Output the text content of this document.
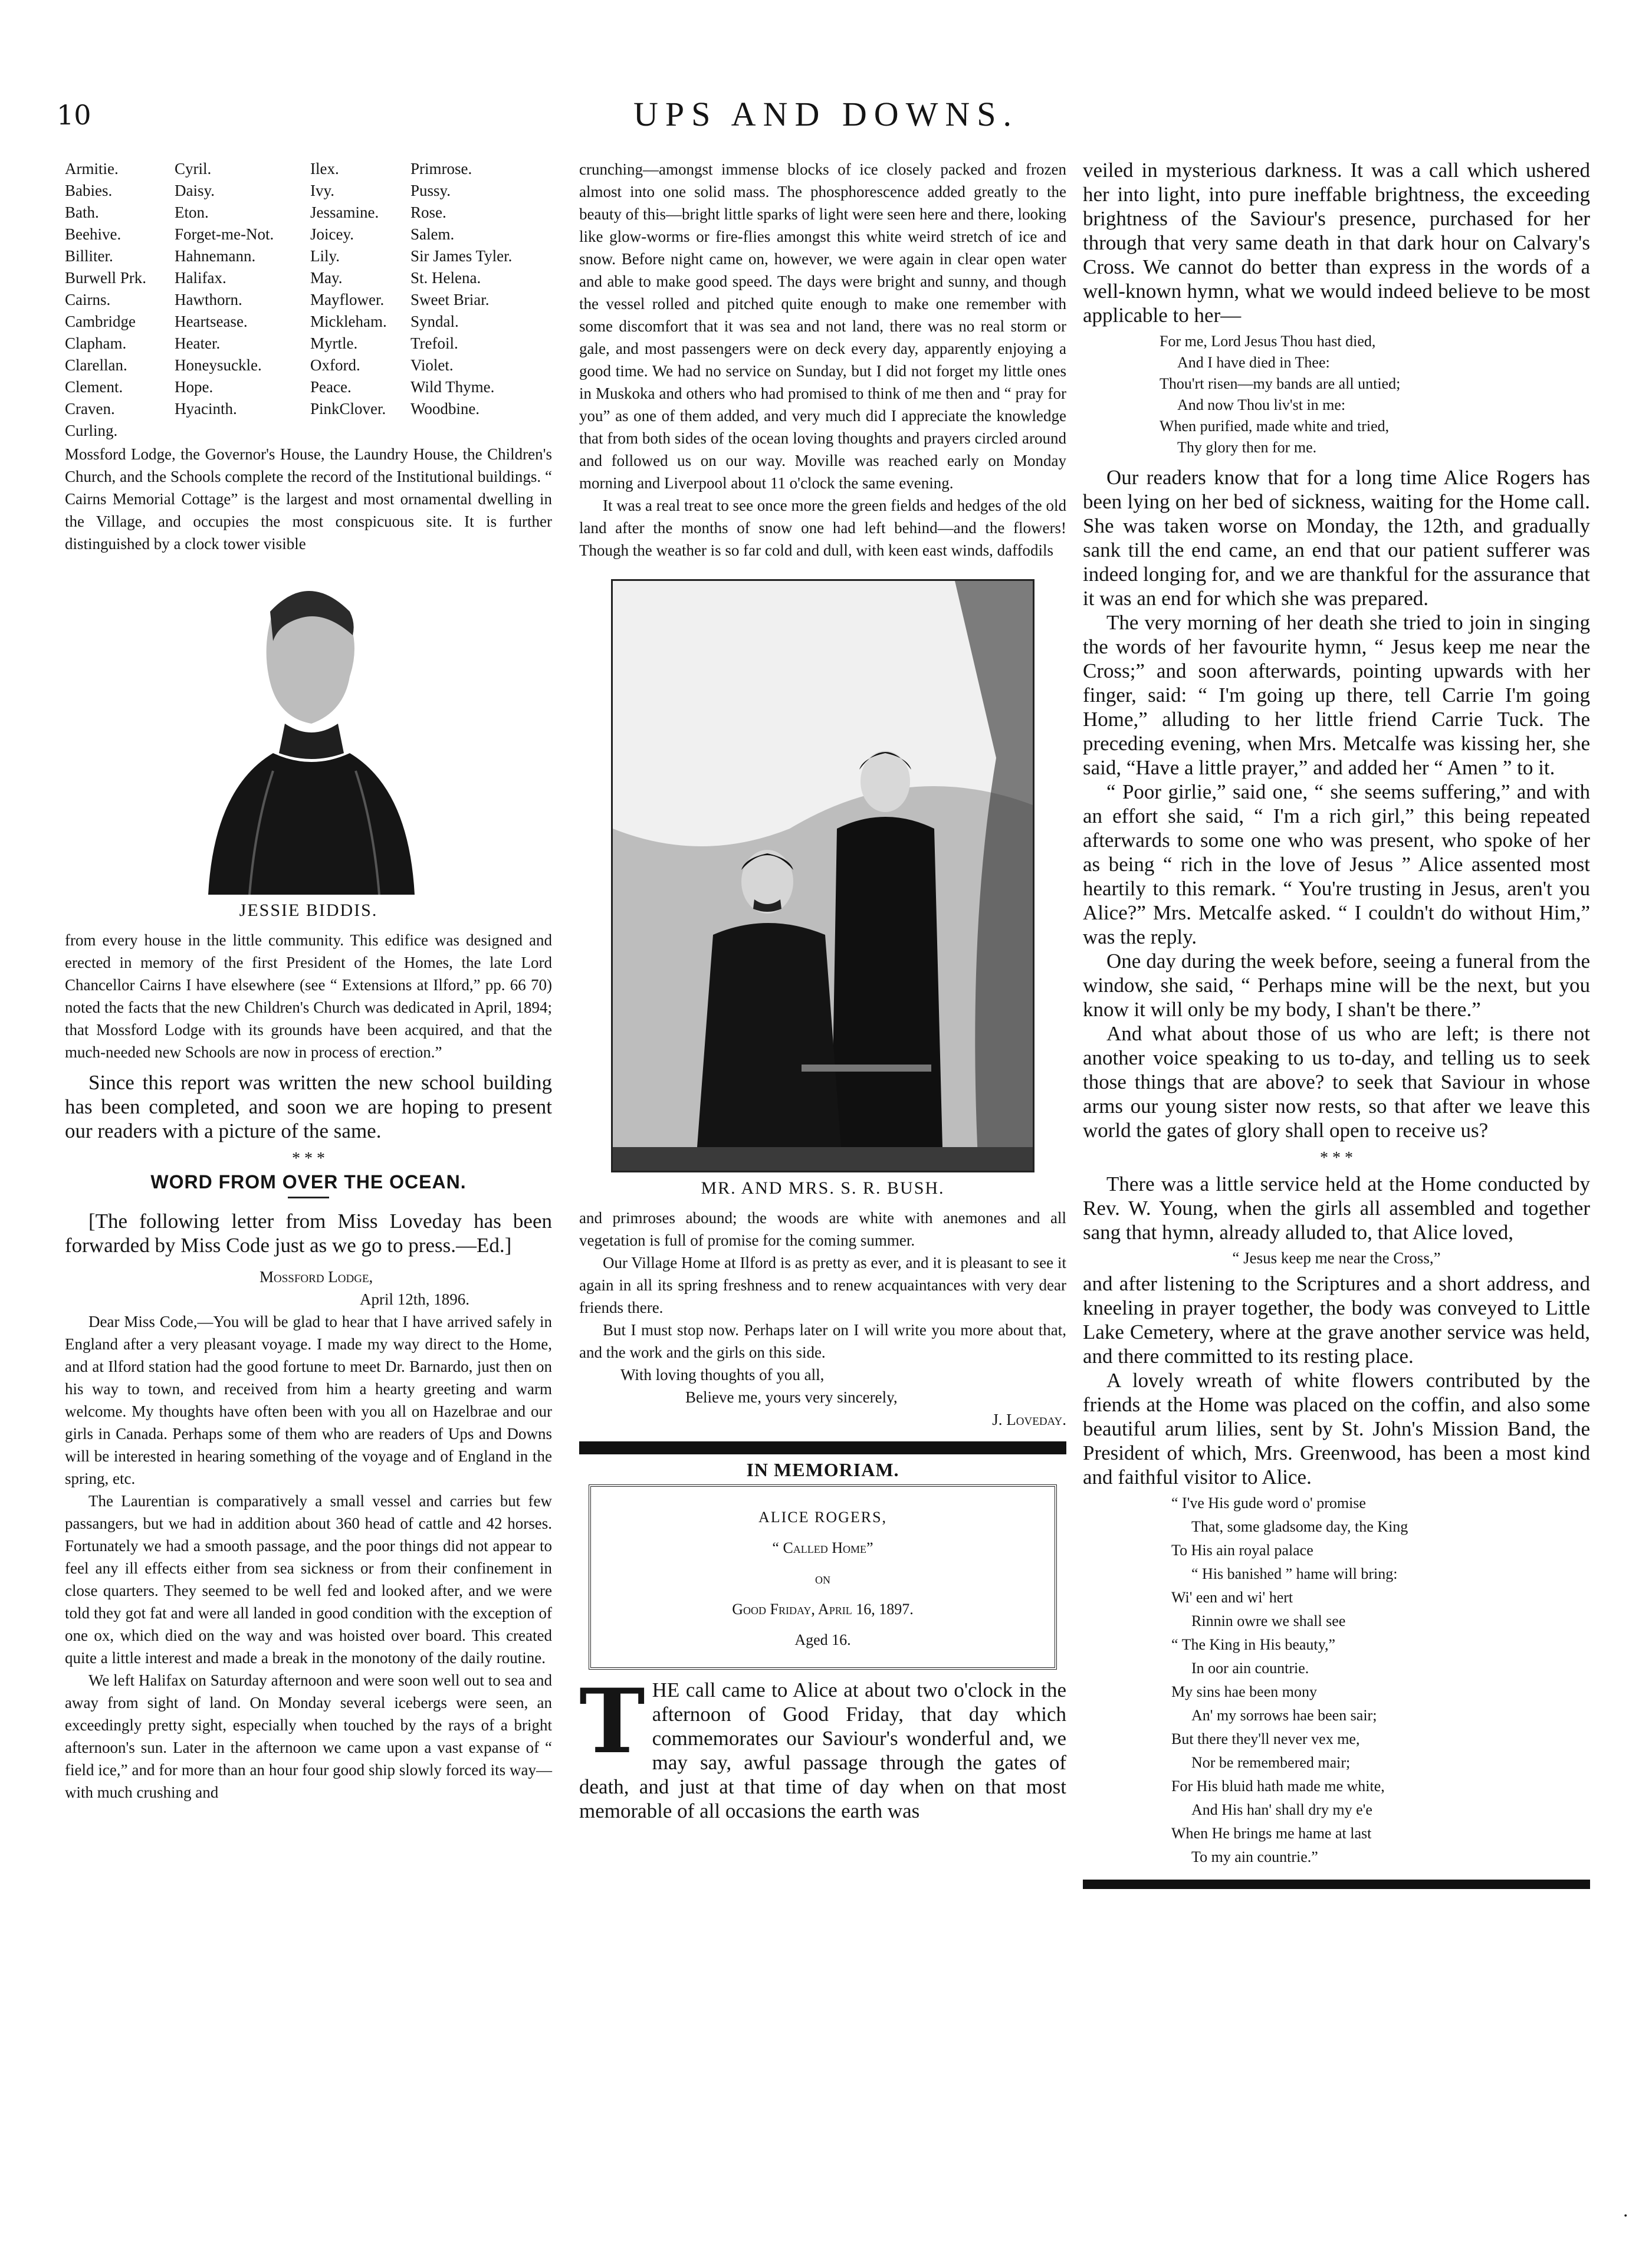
10	UPS AND DOWNS.
Armitie.	Cyril.	Ilex.	Primrose.
Babies.	Daisy.	Ivy.	Pussy.
Bath.	Eton.	Jessamine.	Rose.
Beehive.	Forget-me-Not.	Joicey.	Salem.
Billiter.	Hahnemann.	Lily.	Sir James Tyler.
Burwell Prk.	Halifax.	May.	St. Helena.
Cairns.	Hawthorn.	Mayflower.	Sweet Briar.
Cambridge	Heartsease.	Mickleham.	Syndal.
Clapham.	Heater.	Myrtle.	Trefoil.
Clarellan.	Honeysuckle.	Oxford.	Violet.
Clement.	Hope.	Peace.	Wild Thyme.
Craven.	Hyacinth.	PinkClover.	Woodbine.
Curling.			

Mossford Lodge, the Governor's House, the Laundry House, the Children's Church, and the Schools complete the record of the Institutional buildings. “ Cairns Memorial Cottage” is the largest and most ornamental dwelling in the Village, and occupies the most conspicuous site. It is further distinguished by a clock tower visible

JESSIE BIDDIS.

from every house in the little community. This edifice was designed and erected in memory of the first President of the Homes, the late Lord Chancellor Cairns I have elsewhere (see “ Extensions at Ilford,” pp. 66 70) noted the facts that the new Children's Church was dedicated in April, 1894; that Mossford Lodge with its grounds have been acquired, and that the much-needed new Schools are now in process of erection.”

Since this report was written the new school building has been completed, and soon we are hoping to present our readers with a picture of the same.

* * *
WORD FROM OVER THE OCEAN.

[The following letter from Miss Loveday has been forwarded by Miss Code just as we go to press.—Ed.]

Mossford Lodge,
April 12th, 1896.

Dear Miss Code,—You will be glad to hear that I have arrived safely in England after a very pleasant voyage. I made my way direct to the Home, and at Ilford station had the good fortune to meet Dr. Barnardo, just then on his way to town, and received from him a hearty greeting and warm welcome. My thoughts have often been with you all on Hazelbrae and our girls in Canada. Perhaps some of them who are readers of Ups and Downs will be interested in hearing something of the voyage and of England in the spring, etc.

The Laurentian is comparatively a small vessel and carries but few passangers, but we had in addition about 360 head of cattle and 42 horses. Fortunately we had a smooth passage, and the poor things did not appear to feel any ill effects either from sea sickness or from their confinement in close quarters. They seemed to be well fed and looked after, and we were told they got fat and were all landed in good condition with the exception of one ox, which died on the way and was hoisted over board. This created quite a little interest and made a break in the monotony of the daily routine.

We left Halifax on Saturday afternoon and were soon well out to sea and away from sight of land. On Monday several icebergs were seen, an exceedingly pretty sight, especially when touched by the rays of a bright afternoon's sun. Later in the afternoon we came upon a vast expanse of “ field ice,” and for more than an hour four good ship slowly forced its way—with much crushing and

crunching—amongst immense blocks of ice closely packed and frozen almost into one solid mass. The phosphorescence added greatly to the beauty of this—bright little sparks of light were seen here and there, looking like glow-worms or fire-flies amongst this white weird stretch of ice and snow. Before night came on, however, we were again in clear open water and able to make good speed. The days were bright and sunny, and though the vessel rolled and pitched quite enough to make one remember with some discomfort that it was sea and not land, there was no real storm or gale, and most passengers were on deck every day, apparently enjoying a good time. We had no service on Sunday, but I did not forget my little ones in Muskoka and others who had promised to think of me then and “ pray for you” as one of them added, and very much did I appreciate the knowledge that from both sides of the ocean loving thoughts and prayers circled around and followed us on our way. Moville was reached early on Monday morning and Liverpool about 11 o'clock the same evening.

It was a real treat to see once more the green fields and hedges of the old land after the months of snow one had left behind—and the flowers! Though the weather is so far cold and dull, with keen east winds, daffodils

MR. AND MRS. S. R. BUSH.

and primroses abound; the woods are white with anemones and all vegetation is full of promise for the coming summer.

Our Village Home at Ilford is as pretty as ever, and it is pleasant to see it again in all its spring freshness and to renew acquaintances with very dear friends there.

But I must stop now. Perhaps later on I will write you more about that, and the work and the girls on this side.

With loving thoughts of you all,
Believe me, yours very sincerely,
J. Loveday.
IN MEMORIAM.
ALICE ROGERS,
“ Called Home”
on
Good Friday, April 16, 1897.
Aged 16.
T HE call came to Alice at about two o'clock in the afternoon of Good Friday, that day which commemorates our Saviour's wonderful and, we may say, awful passage through the gates of death, and just at that time of day when on that most memorable of all occasions the earth was

veiled in mysterious darkness. It was a call which ushered her into light, into pure ineffable brightness, the exceeding brightness of the Saviour's presence, purchased for her through that very same death in that dark hour on Calvary's Cross. We cannot do better than express in the words of a well-known hymn, what we would indeed believe to be most applicable to her—

For me, Lord Jesus Thou hast died,
And I have died in Thee:
Thou'rt risen—my bands are all untied;
And now Thou liv'st in me:
When purified, made white and tried,
Thy glory then for me.

Our readers know that for a long time Alice Rogers has been lying on her bed of sickness, waiting for the Home call. She was taken worse on Monday, the 12th, and gradually sank till the end came, an end that our patient sufferer was indeed longing for, and we are thankful for the assurance that it was an end for which she was prepared.

The very morning of her death she tried to join in singing the words of her favourite hymn, “ Jesus keep me near the Cross;” and soon afterwards, pointing upwards with her finger, said: “ I'm going up there, tell Carrie I'm going Home,” alluding to her little friend Carrie Tuck. The preceding evening, when Mrs. Metcalfe was kissing her, she said, “Have a little prayer,” and added her “ Amen ” to it.

“ Poor girlie,” said one, “ she seems suffering,” and with an effort she said, “ I'm a rich girl,” this being repeated afterwards to some one who was present, who spoke of her as being “ rich in the love of Jesus ” Alice assented most heartily to this remark. “ You're trusting in Jesus, aren't you Alice?” Mrs. Metcalfe asked. “ I couldn't do without Him,” was the reply.

One day during the week before, seeing a funeral from the window, she said, “ Perhaps mine will be the next, but you know it will only be my body, I shan't be there.”

And what about those of us who are left; is there not another voice speaking to us to-day, and telling us to seek those things that are above? to seek that Saviour in whose arms our young sister now rests, so that after we leave this world the gates of glory shall open to receive us?

* * *

There was a little service held at the Home conducted by Rev. W. Young, when the girls all assembled and together sang that hymn, already alluded to, that Alice loved,

“ Jesus keep me near the Cross,”

and after listening to the Scriptures and a short address, and kneeling in prayer together, the body was conveyed to Little Lake Cemetery, where at the grave another service was held, and there committed to its resting place.

A lovely wreath of white flowers contributed by the friends at the Home was placed on the coffin, and also some beautiful arum lilies, sent by St. John's Mission Band, the President of which, Mrs. Greenwood, has been a most kind and faithful visitor to Alice.

“ I've His gude word o' promise
That, some gladsome day, the King
To His ain royal palace
“ His banished ” hame will bring:
Wi' een and wi' hert
Rinnin owre we shall see
“ The King in His beauty,”
In oor ain countrie.
My sins hae been mony
An' my sorrows hae been sair;
But there they'll never vex me,
Nor be remembered mair;
For His bluid hath made me white,
And His han' shall dry my e'e
When He brings me hame at last
To my ain countrie.”
·
